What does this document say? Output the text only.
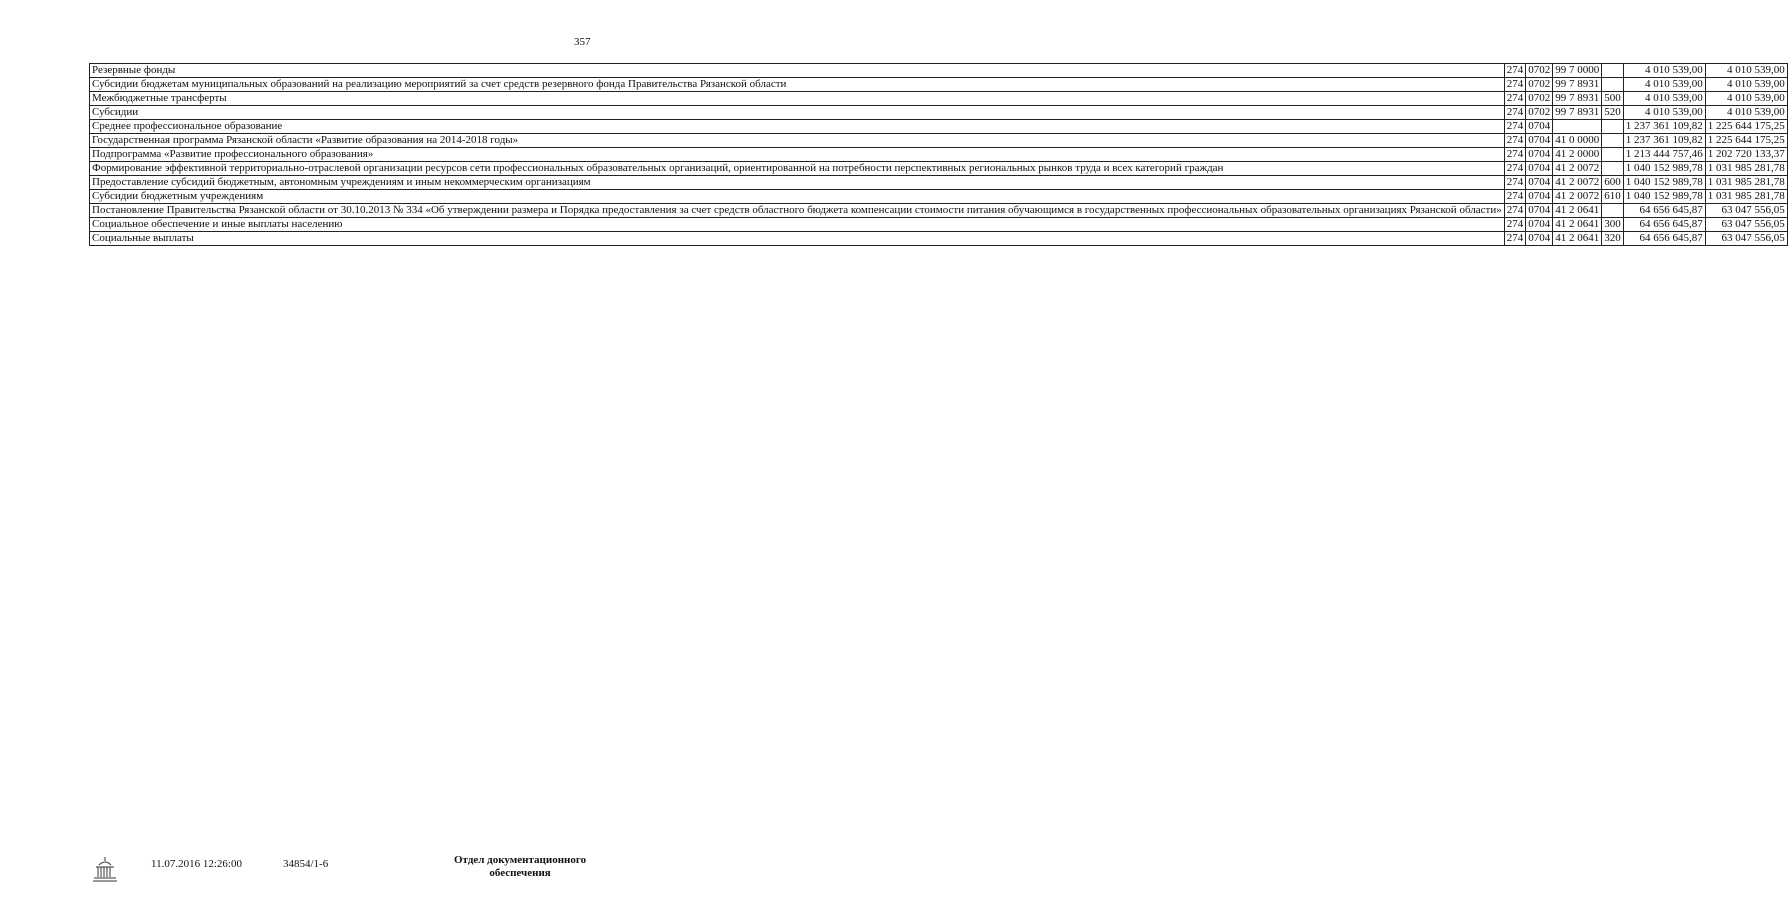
357
Резервные фонды	274	0702	99 7 0000		4 010 539,00	4 010 539,00
Субсидии бюджетам муниципальных образований на реализацию мероприятий за счет средств резервного фонда Правительства Рязанской области	274	0702	99 7 8931		4 010 539,00	4 010 539,00
Межбюджетные трансферты	274	0702	99 7 8931	500	4 010 539,00	4 010 539,00
Субсидии	274	0702	99 7 8931	520	4 010 539,00	4 010 539,00
Среднее профессиональное образование	274	0704			1 237 361 109,82	1 225 644 175,25
Государственная программа Рязанской области «Развитие образования на 2014-2018 годы»	274	0704	41 0 0000		1 237 361 109,82	1 225 644 175,25
Подпрограмма «Развитие профессионального образования»	274	0704	41 2 0000		1 213 444 757,46	1 202 720 133,37
Формирование эффективной территориально-отраслевой организации ресурсов сети профессиональных образовательных организаций, ориентированной на потребности перспективных региональных рынков труда и всех категорий граждан	274	0704	41 2 0072		1 040 152 989,78	1 031 985 281,78
Предоставление субсидий бюджетным, автономным учреждениям и иным некоммерческим организациям	274	0704	41 2 0072	600	1 040 152 989,78	1 031 985 281,78
Субсидии бюджетным учреждениям	274	0704	41 2 0072	610	1 040 152 989,78	1 031 985 281,78
Постановление Правительства Рязанской области от 30.10.2013 № 334 «Об утверждении размера и Порядка предоставления за счет средств областного бюджета компенсации стоимости питания обучающимся в государственных профессиональных образовательных организациях Рязанской области»	274	0704	41 2 0641		64 656 645,87	63 047 556,05
Социальное обеспечение и иные выплаты населению	274	0704	41 2 0641	300	64 656 645,87	63 047 556,05
Социальные выплаты	274	0704	41 2 0641	320	64 656 645,87	63 047 556,05
11.07.2016 12:26:00	34854/1-6	Отдел документационного
обеспечения
